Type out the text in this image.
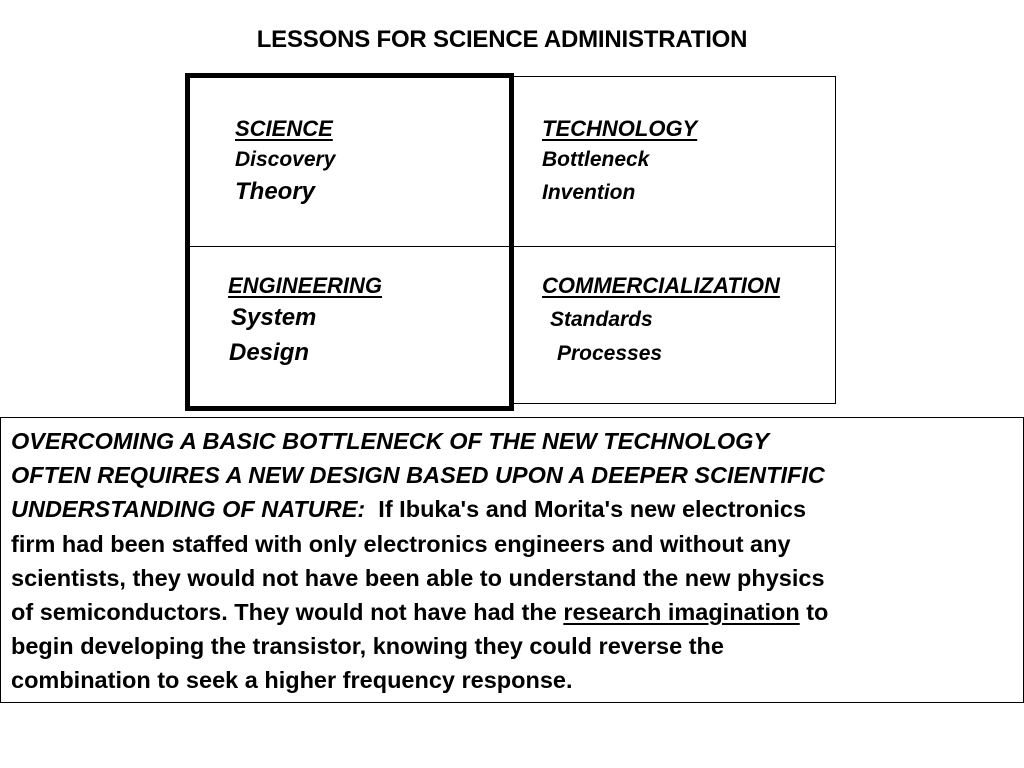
LESSONS FOR SCIENCE ADMINISTRATION
SCIENCE
Discovery
Theory
TECHNOLOGY
Bottleneck
Invention
ENGINEERING
System
Design
COMMERCIALIZATION
Standards
Processes
OVERCOMING A BASIC BOTTLENECK OF THE NEW TECHNOLOGY
OFTEN REQUIRES A NEW DESIGN BASED UPON A DEEPER SCIENTIFIC
UNDERSTANDING OF NATURE: If Ibuka's and Morita's new electronics
firm had been staffed with only electronics engineers and without any
scientists, they would not have been able to understand the new physics
of semiconductors. They would not have had the research imagination to
begin developing the transistor, knowing they could reverse the
combination to seek a higher frequency response.
